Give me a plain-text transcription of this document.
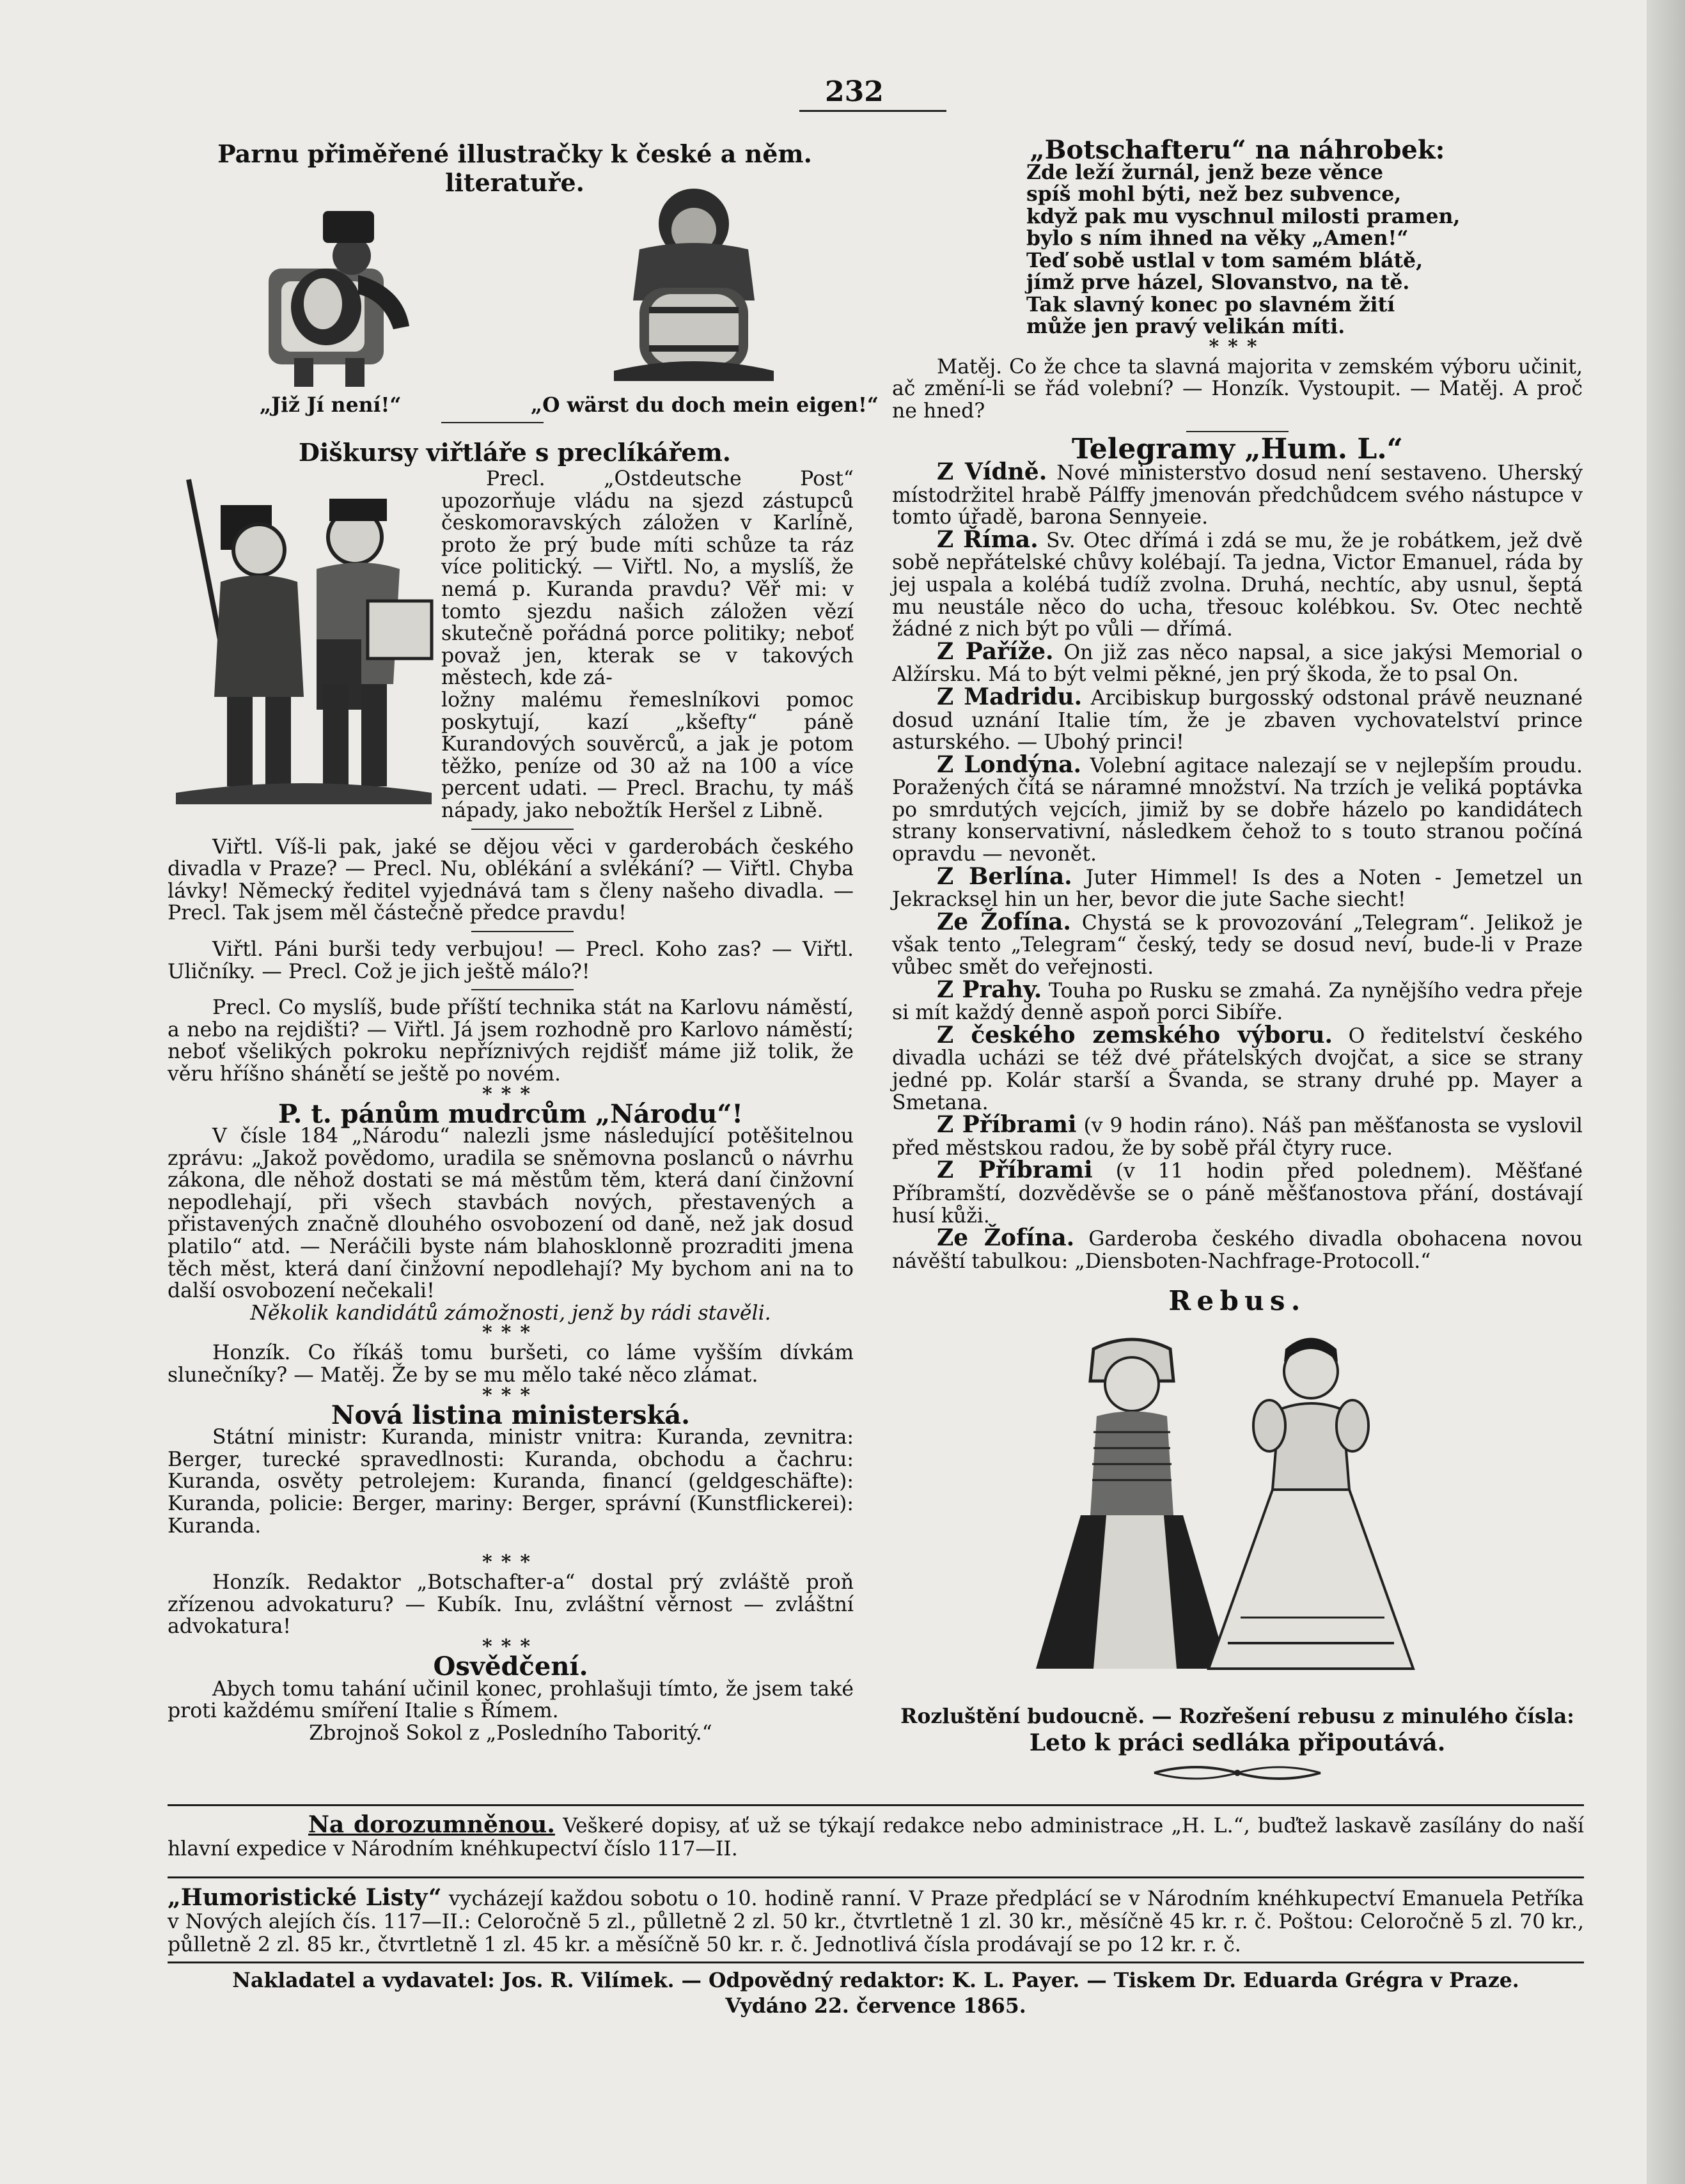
232
Parnu přiměřené illustračky k české a něm. literatuře.
„Již Jí není!“	„O wärst du doch mein eigen!“
Diškursy viřtláře s preclíkářem.

Precl. „Ostdeutsche Post“ upozorňuje vládu na sjezd zástupců českomoravských záložen v Karlíně, proto že prý bude míti schůze ta ráz více politický. — Viřtl. No, a myslíš, že nemá p. Kuranda pravdu? Věř mi: v tomto sjezdu našich záložen vězí skutečně pořádná porce politiky; neboť považ jen, kterak se v takových městech, kde zá-

ložny malému řemeslníkovi pomoc poskytují, kazí „kšefty“ páně Kurandových souvěrců, a jak je potom těžko, peníze od 30 až na 100 a více percent udati. — Precl. Brachu, ty máš nápady, jako nebožtík Heršel z Libně.

Viřtl. Víš-li pak, jaké se dějou věci v garderobách českého divadla v Praze? — Precl. Nu, oblékání a svlékání? — Viřtl. Chyba lávky! Německý ředitel vyjednává tam s členy našeho divadla. — Precl. Tak jsem měl částečně předce pravdu!

Viřtl. Páni burši tedy verbujou! — Precl. Koho zas? — Viřtl. Uličníky. — Precl. Což je jich ještě málo?!

Precl. Co myslíš, bude příští technika stát na Karlovu náměstí, a nebo na rejdišti? — Viřtl. Já jsem rozhodně pro Karlovo náměstí; neboť všelikých pokroku nepříznivých rejdišť máme již tolik, že věru hříšno shánětí se ještě po novém.

***
P. t. pánům mudrcům „Národu“!

V čísle 184 „Národu“ nalezli jsme následující potěšitelnou zprávu: „Jakož povědomo, uradila se sněmovna poslanců o návrhu zákona, dle něhož dostati se má městům těm, která daní činžovní nepodlehají, při všech stavbách nových, přestavených a přistavených značně dlouhého osvobození od daně, než jak dosud platilo“ atd. — Neráčili byste nám blahosklonně prozraditi jmena těch měst, která daní činžovní nepodlehají? My bychom ani na to další osvobození nečekali!

Několik kandidátů zámožnosti, jenž by rádi stavěli.
***

Honzík. Co říkáš tomu buršeti, co láme vyšším dívkám slunečníky? — Matěj. Že by se mu mělo také něco zlámat.

***
Nová listina ministerská.

Státní ministr: Kuranda, ministr vnitra: Kuranda, zevnitra: Berger, turecké spravedlnosti: Kuranda, obchodu a čachru: Kuranda, osvěty petrolejem: Kuranda, financí (geldgeschäfte): Kuranda, policie: Berger, mariny: Berger, správní (Kunstflickerei): Kuranda.

***

Honzík. Redaktor „Botschafter-a“ dostal prý zvláště proň zřízenou advokaturu? — Kubík. Inu, zvláštní věrnost — zvláštní advokatura!

***
Osvědčení.

Abych tomu tahání učinil konec, prohlašuji tímto, že jsem také proti každému smíření Italie s Římem.

Zbrojnoš Sokol z „Posledního Taboritý.“
„Botschafteru“ na náhrobek:
Zde leží žurnál, jenž beze věnce
spíš mohl býti, než bez subvence,
když pak mu vyschnul milosti pramen,
bylo s ním ihned na věky „Amen!“
Teď sobě ustlal v tom samém blátě,
jímž prve házel, Slovanstvo, na tě.
Tak slavný konec po slavném žití
může jen pravý velikán míti.
***

Matěj. Co že chce ta slavná majorita v zemském výboru učinit, ač změní-li se řád volební? — Honzík. Vystoupit. — Matěj. A proč ne hned?

Telegramy „Hum. L.“

Z Vídně. Nové ministerstvo dosud není sestaveno. Uherský místodržitel hrabě Pálffy jmenován předchůdcem svého nástupce v tomto úřadě, barona Sennyeie.

Z Říma. Sv. Otec dřímá i zdá se mu, že je robátkem, jež dvě sobě nepřátelské chůvy kolébají. Ta jedna, Victor Emanuel, ráda by jej uspala a kolébá tudíž zvolna. Druhá, nechtíc, aby usnul, šeptá mu neustále něco do ucha, třesouc kolébkou. Sv. Otec nechtě žádné z nich být po vůli — dřímá.

Z Paříže. On již zas něco napsal, a sice jakýsi Memorial o Alžírsku. Má to být velmi pěkné, jen prý škoda, že to psal On.

Z Madridu. Arcibiskup burgosský odstonal právě neuznané dosud uznání Italie tím, že je zbaven vychovatelství prince asturského. — Ubohý princi!

Z Londýna. Volební agitace nalezají se v nejlepším proudu. Poražených čítá se náramné množství. Na trzích je veliká poptávka po smrdutých vejcích, jimiž by se dobře házelo po kandidátech strany konservativní, následkem čehož to s touto stranou počíná opravdu — nevonět.

Z Berlína. Juter Himmel! Is des a Noten - Jemetzel un Jekracksel hin un her, bevor die jute Sache siecht!

Ze Žofína. Chystá se k provozování „Telegram“. Jelikož je však tento „Telegram“ český, tedy se dosud neví, bude-li v Praze vůbec smět do veřejnosti.

Z Prahy. Touha po Rusku se zmahá. Za nynějšího vedra přeje si mít každý denně aspoň porci Sibíře.

Z českého zemského výboru. O ředitelství českého divadla ucházi se též dvé přátelských dvojčat, a sice se strany jedné pp. Kolár starší a Švanda, se strany druhé pp. Mayer a Smetana.

Z Příbrami (v 9 hodin ráno). Náš pan měšťanosta se vyslovil před městskou radou, že by sobě přál čtyry ruce.

Z Příbrami (v 11 hodin před polednem). Měšťané Příbramští, dozvěděvše se o páně měšťanostova přání, dostávají husí kůži.

Ze Žofína. Garderoba českého divadla obohacena novou návěští tabulkou: „Diensboten-Nachfrage-Protocoll.“

Rebus.
Rozluštění budoucně. — Rozřešení rebusu z minulého čísla:
Leto k práci sedláka připoutává.
Na dorozumněnou. Veškeré dopisy, ať už se týkají redakce nebo administrace „H. L.“, buďtež laskavě zasílány do naší hlavní expedice v Národním knéhkupectví číslo 117—II.
„Humoristické Listy“ vycházejí každou sobotu o 10. hodině ranní. V Praze předplácí se v Národním knéhkupectví Emanuela Petříka v Nových alejích čís. 117—II.: Celoročně 5 zl., půlletně 2 zl. 50 kr., čtvrtletně 1 zl. 30 kr., měsíčně 45 kr. r. č. Poštou: Celoročně 5 zl. 70 kr., půlletně 2 zl. 85 kr., čtvrtletně 1 zl. 45 kr. a měsíčně 50 kr. r. č. Jednotlivá čísla prodávají se po 12 kr. r. č.
Nakladatel a vydavatel: Jos. R. Vilímek. — Odpovědný redaktor: K. L. Payer. — Tiskem Dr. Eduarda Grégra v Praze.
Vydáno 22. července 1865.
